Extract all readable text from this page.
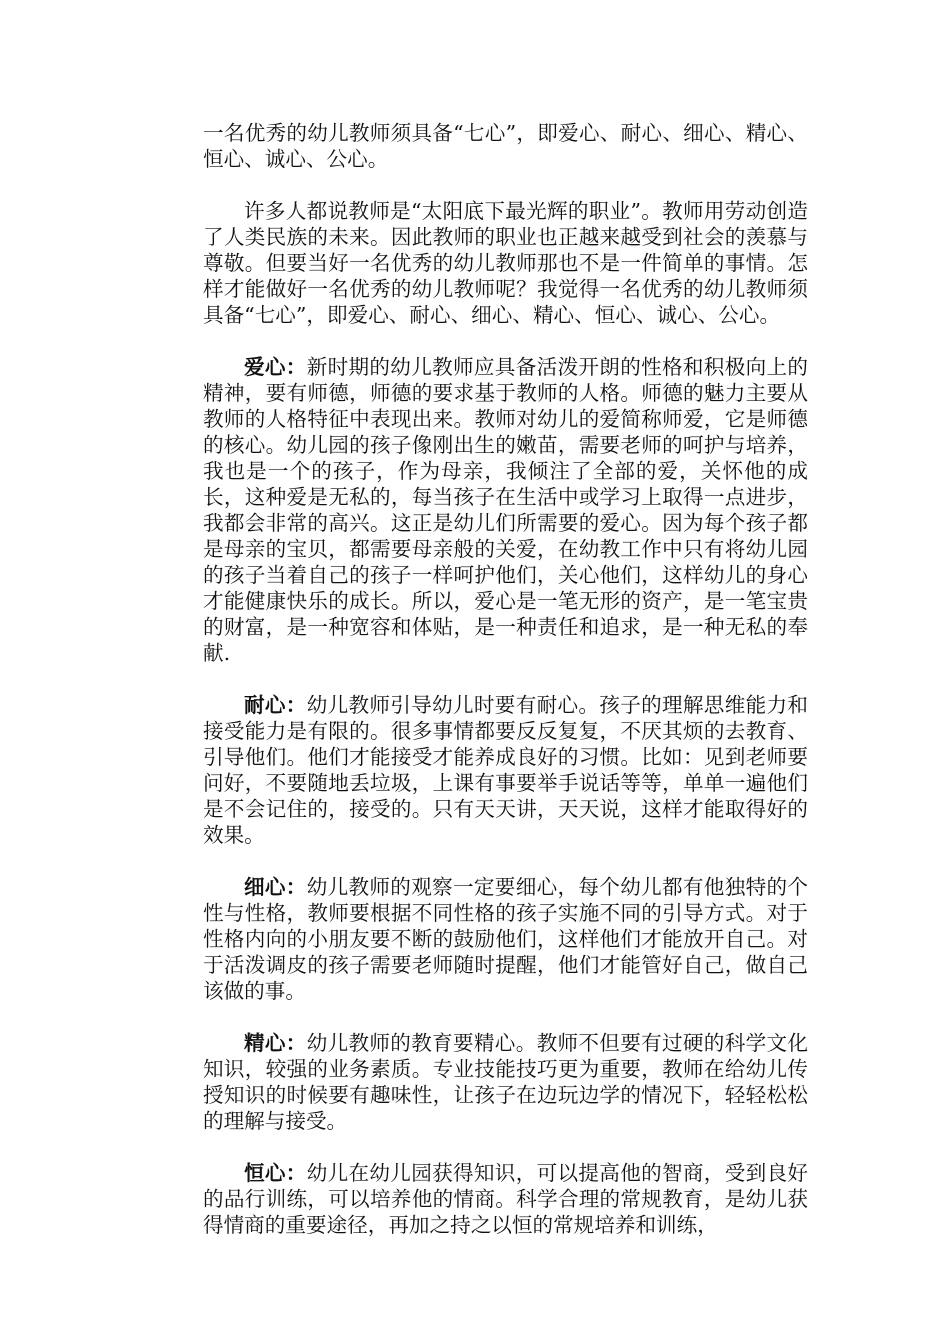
一名优秀的幼儿教师须具备“七心”，即爱心、耐心、细心、精心、恒心、诚心、公心。

许多人都说教师是“太阳底下最光辉的职业”。教师用劳动创造了人类民族的未来。因此教师的职业也正越来越受到社会的羡慕与尊敬。但要当好一名优秀的幼儿教师那也不是一件简单的事情。怎样才能做好一名优秀的幼儿教师呢？我觉得一名优秀的幼儿教师须具备“七心”，即爱心、耐心、细心、精心、恒心、诚心、公心。

爱心：新时期的幼儿教师应具备活泼开朗的性格和积极向上的精神，要有师德，师德的要求基于教师的人格。师德的魅力主要从教师的人格特征中表现出来。教师对幼儿的爱简称师爱，它是师德的核心。幼儿园的孩子像刚出生的嫩苗，需要老师的呵护与培养，我也是一个的孩子，作为母亲，我倾注了全部的爱，关怀他的成长，这种爱是无私的，每当孩子在生活中或学习上取得一点进步，我都会非常的高兴。这正是幼儿们所需要的爱心。因为每个孩子都是母亲的宝贝，都需要母亲般的关爱，在幼教工作中只有将幼儿园的孩子当着自己的孩子一样呵护他们，关心他们，这样幼儿的身心才能健康快乐的成长。所以，爱心是一笔无形的资产，是一笔宝贵的财富，是一种宽容和体贴，是一种责任和追求，是一种无私的奉献.

耐心：幼儿教师引导幼儿时要有耐心。孩子的理解思维能力和接受能力是有限的。很多事情都要反反复复，不厌其烦的去教育、引导他们。他们才能接受才能养成良好的习惯。比如：见到老师要问好，不要随地丢垃圾，上课有事要举手说话等等，单单一遍他们是不会记住的，接受的。只有天天讲，天天说，这样才能取得好的效果。

细心：幼儿教师的观察一定要细心，每个幼儿都有他独特的个性与性格，教师要根据不同性格的孩子实施不同的引导方式。对于性格内向的小朋友要不断的鼓励他们，这样他们才能放开自己。对于活泼调皮的孩子需要老师随时提醒，他们才能管好自己，做自己该做的事。

精心：幼儿教师的教育要精心。教师不但要有过硬的科学文化知识，较强的业务素质。专业技能技巧更为重要，教师在给幼儿传授知识的时候要有趣味性，让孩子在边玩边学的情况下，轻轻松松的理解与接受。

恒心：幼儿在幼儿园获得知识，可以提高他的智商，受到良好的品行训练，可以培养他的情商。科学合理的常规教育，是幼儿获得情商的重要途径，再加之持之以恒的常规培养和训练，
